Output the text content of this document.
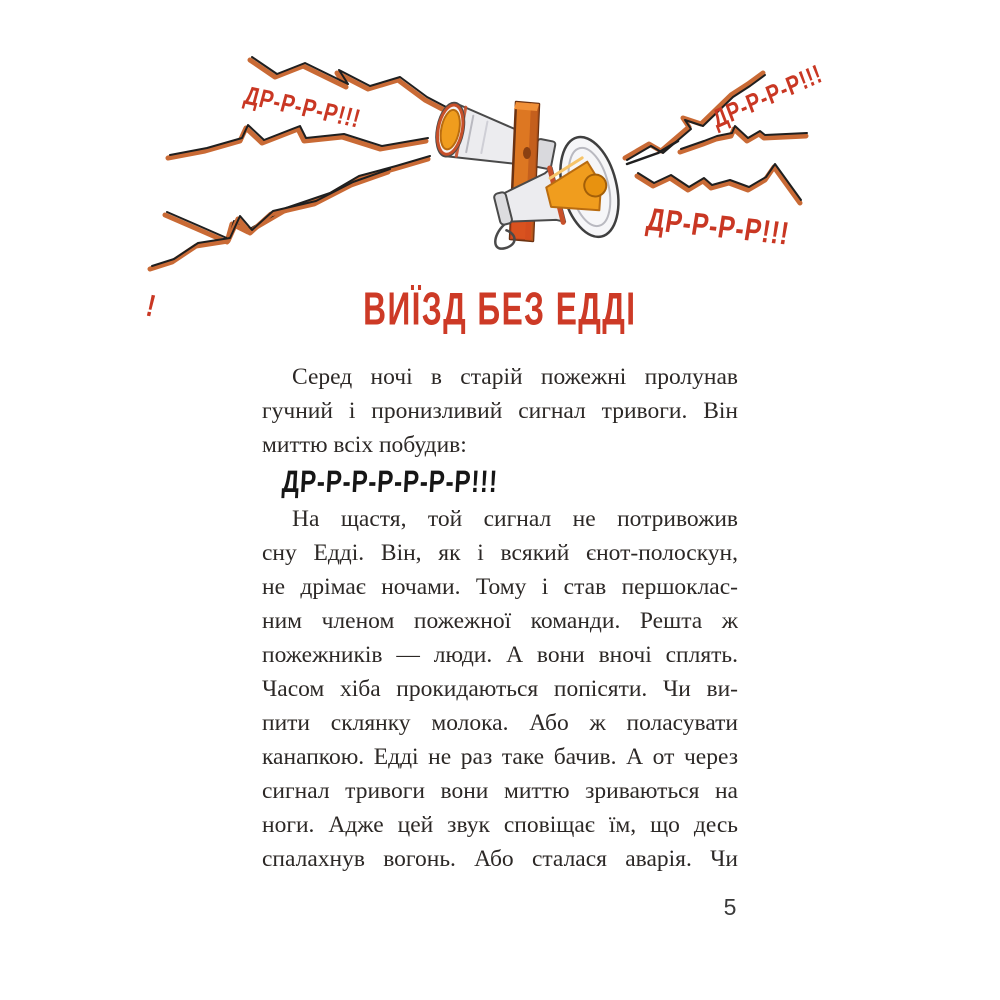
ДР-Р-Р-Р!!!	ДР-Р-Р-Р!!!
ДР-Р-Р-Р!!!
!	ВИЇЗД БЕЗ ЕДДІ
Серед ночі в старій пожежні пролунав
гучний і пронизливий сигнал тривоги. Він
миттю всіх побудив:
ДР-Р-Р-Р-Р-Р-Р!!!
На щастя, той сигнал не потривожив
сну Едді. Він, як і всякий єнот-полоскун,
не дрімає ночами. Тому і став першоклас-
ним членом пожежної команди. Решта ж
пожежників — люди. А вони вночі сплять.
Часом хіба прокидаються попісяти. Чи ви-
пити склянку молока. Або ж поласувати
канапкою. Едді не раз таке бачив. А от через
сигнал тривоги вони миттю зриваються на
ноги. Адже цей звук сповіщає їм, що десь
спалахнув вогонь. Або сталася аварія. Чи
5
